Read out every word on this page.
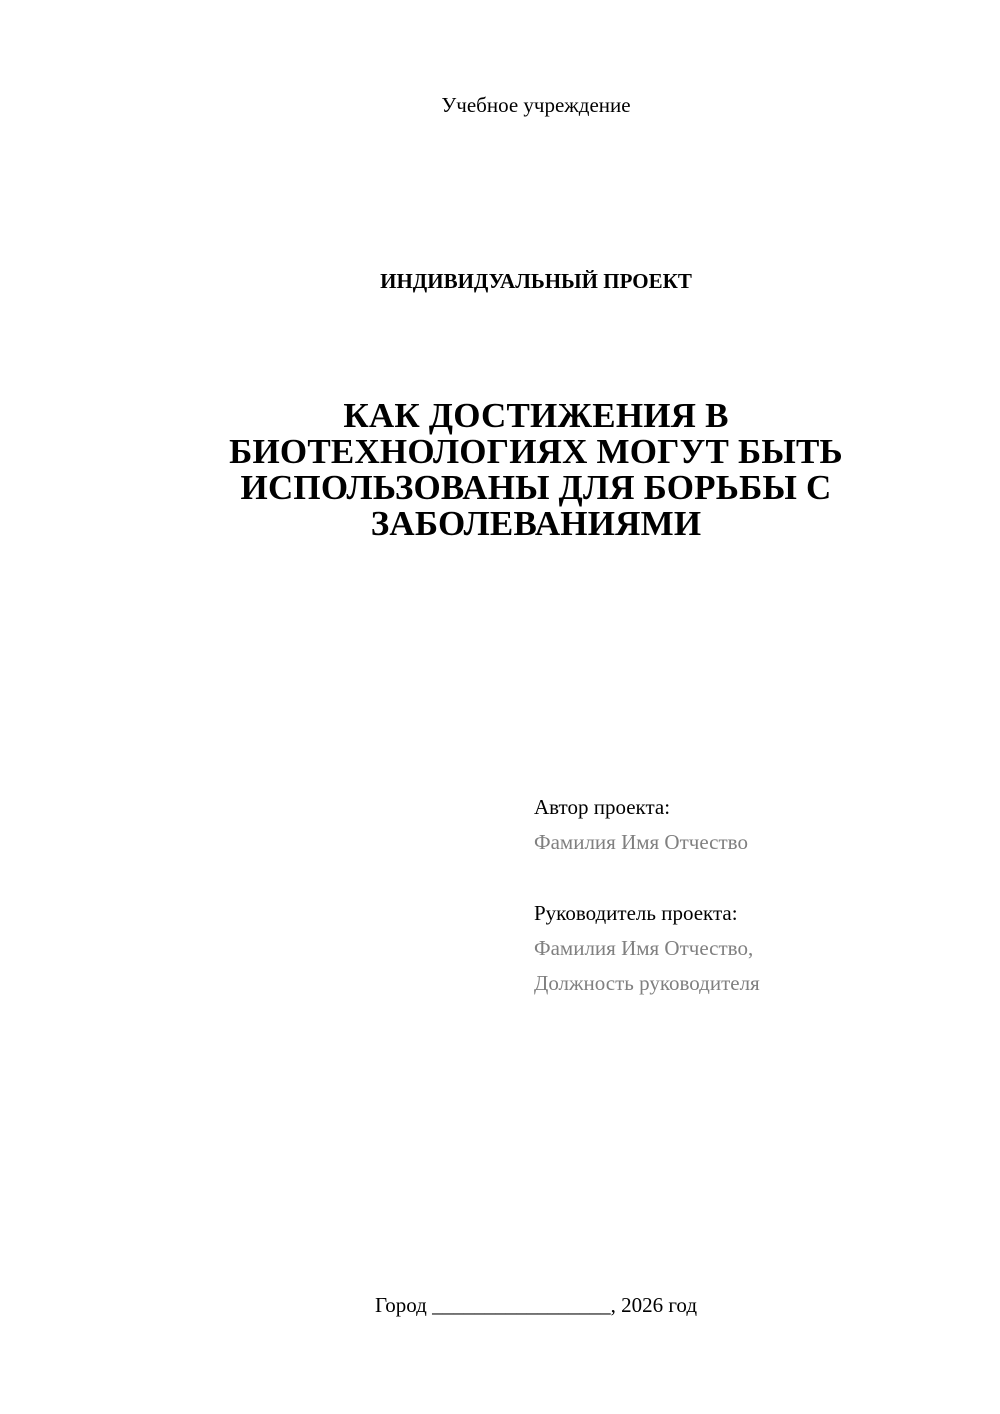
Учебное учреждение
ИНДИВИДУАЛЬНЫЙ ПРОЕКТ
КАК ДОСТИЖЕНИЯ В
БИОТЕХНОЛОГИЯХ МОГУТ БЫТЬ
ИСПОЛЬЗОВАНЫ ДЛЯ БОРЬБЫ С
ЗАБОЛЕВАНИЯМИ
Автор проекта:
Фамилия Имя Отчество
Руководитель проекта:
Фамилия Имя Отчество,
Должность руководителя
Город _________________, 2026 год
